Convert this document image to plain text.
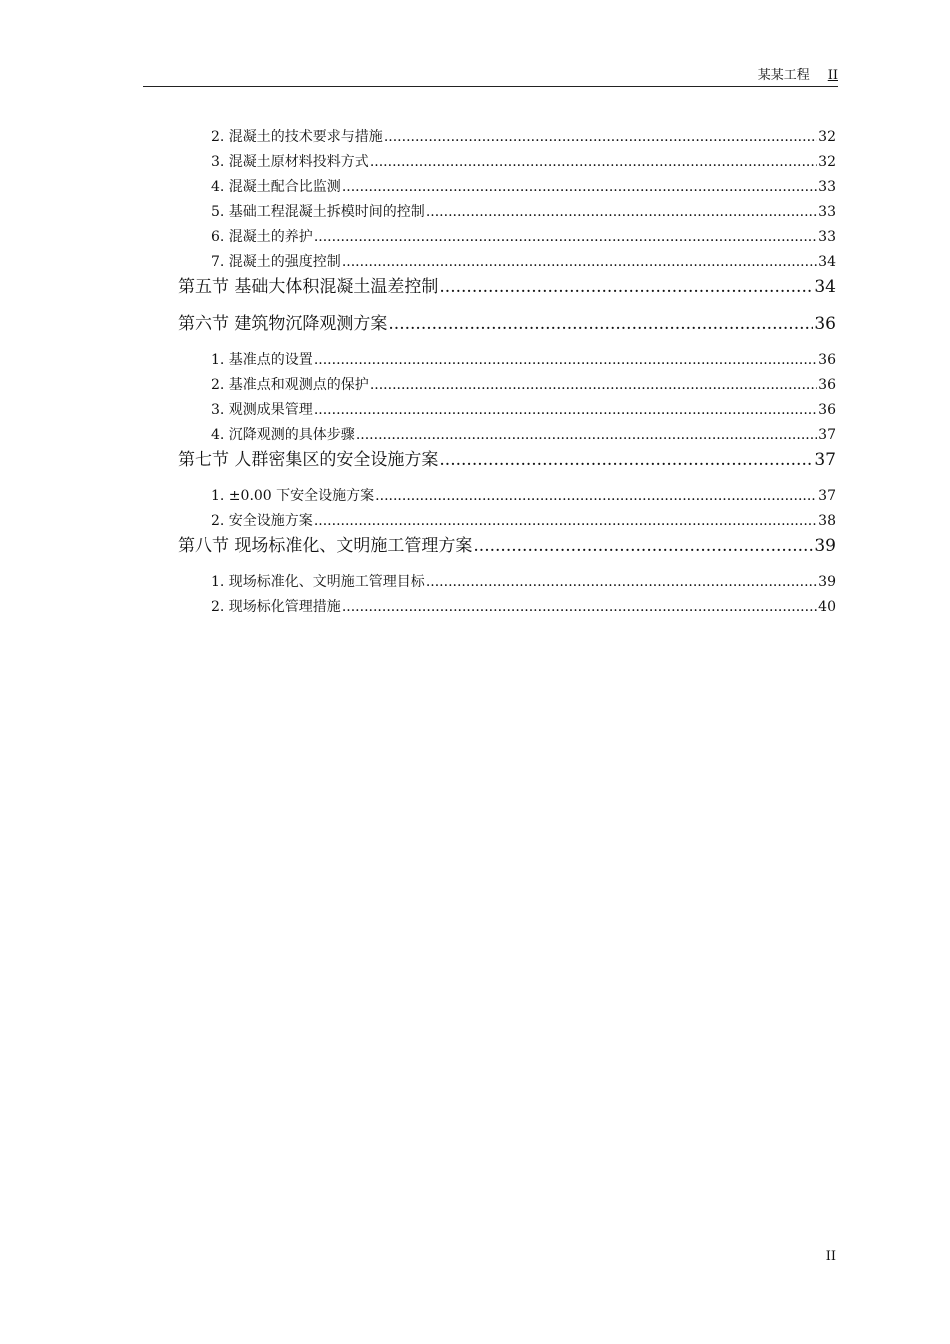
某某工程 II
2. 混凝土的技术要求与措施 .....	32
3. 混凝土原材料投料方式 .....	32
4. 混凝土配合比监测 .....	33
5. 基础工程混凝土拆模时间的控制 .....	33
6. 混凝土的养护 .....	33
7. 混凝土的强度控制 .....	34
第五节 基础大体积混凝土温差控制 .....	34
第六节 建筑物沉降观测方案 .....	36
1. 基准点的设置 .....	36
2. 基准点和观测点的保护 .....	36
3. 观测成果管理 .....	36
4. 沉降观测的具体步骤 .....	37
第七节 人群密集区的安全设施方案 .....	37
1. ±0.00 下安全设施方案 .....	37
2. 安全设施方案 .....	38
第八节 现场标准化、文明施工管理方案 .....	39
1. 现场标准化、文明施工管理目标 .....	39
2. 现场标化管理措施 .....	40
II
